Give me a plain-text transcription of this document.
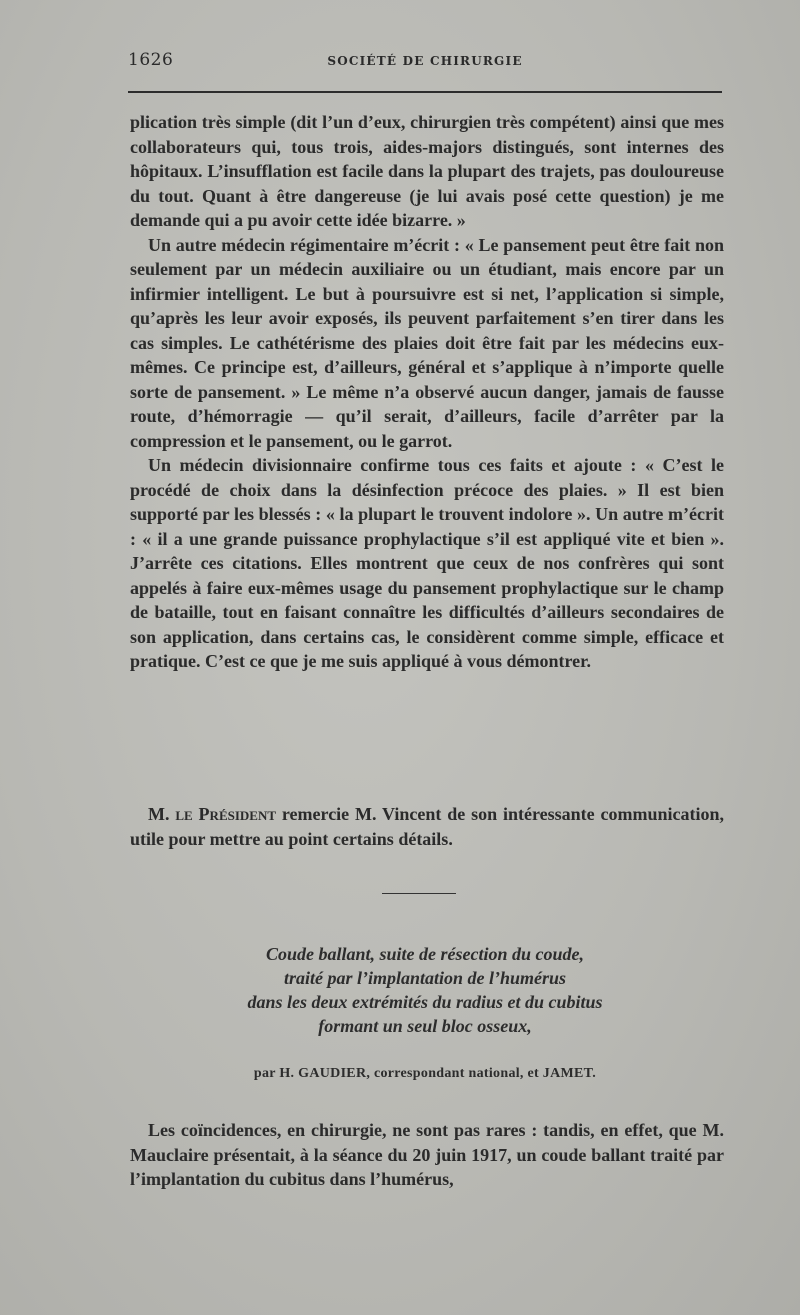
1626	SOCIÉTÉ DE CHIRURGIE

plication très simple (dit l’un d’eux, chirurgien très compétent) ainsi que mes collaborateurs qui, tous trois, aides-majors distingués, sont internes des hôpitaux. L’insufflation est facile dans la plupart des trajets, pas douloureuse du tout. Quant à être dangereuse (je lui avais posé cette question) je me demande qui a pu avoir cette idée bizarre. »

Un autre médecin régimentaire m’écrit : « Le pansement peut être fait non seulement par un médecin auxiliaire ou un étudiant, mais encore par un infirmier intelligent. Le but à poursuivre est si net, l’application si simple, qu’après les leur avoir exposés, ils peuvent parfaitement s’en tirer dans les cas simples. Le cathétérisme des plaies doit être fait par les médecins eux-mêmes. Ce principe est, d’ailleurs, général et s’applique à n’importe quelle sorte de pansement. » Le même n’a observé aucun danger, jamais de fausse route, d’hémorragie — qu’il serait, d’ailleurs, facile d’arrêter par la compression et le pansement, ou le garrot.

Un médecin divisionnaire confirme tous ces faits et ajoute : « C’est le procédé de choix dans la désinfection précoce des plaies. » Il est bien supporté par les blessés : « la plupart le trouvent indolore ». Un autre m’écrit : « il a une grande puissance prophylactique s’il est appliqué vite et bien ». J’arrête ces citations. Elles montrent que ceux de nos confrères qui sont appelés à faire eux-mêmes usage du pansement prophylactique sur le champ de bataille, tout en faisant connaître les difficultés d’ailleurs secondaires de son application, dans certains cas, le considèrent comme simple, efficace et pratique. C’est ce que je me suis appliqué à vous démontrer.

M. le Président remercie M. Vincent de son intéressante communication, utile pour mettre au point certains détails.

Coude ballant, suite de résection du coude,
traité par l’implantation de l’humérus
dans les deux extrémités du radius et du cubitus
formant un seul bloc osseux,
par H. GAUDIER, correspondant national, et JAMET.

Les coïncidences, en chirurgie, ne sont pas rares : tandis, en effet, que M. Mauclaire présentait, à la séance du 20 juin 1917, un coude ballant traité par l’implantation du cubitus dans l’humérus,
